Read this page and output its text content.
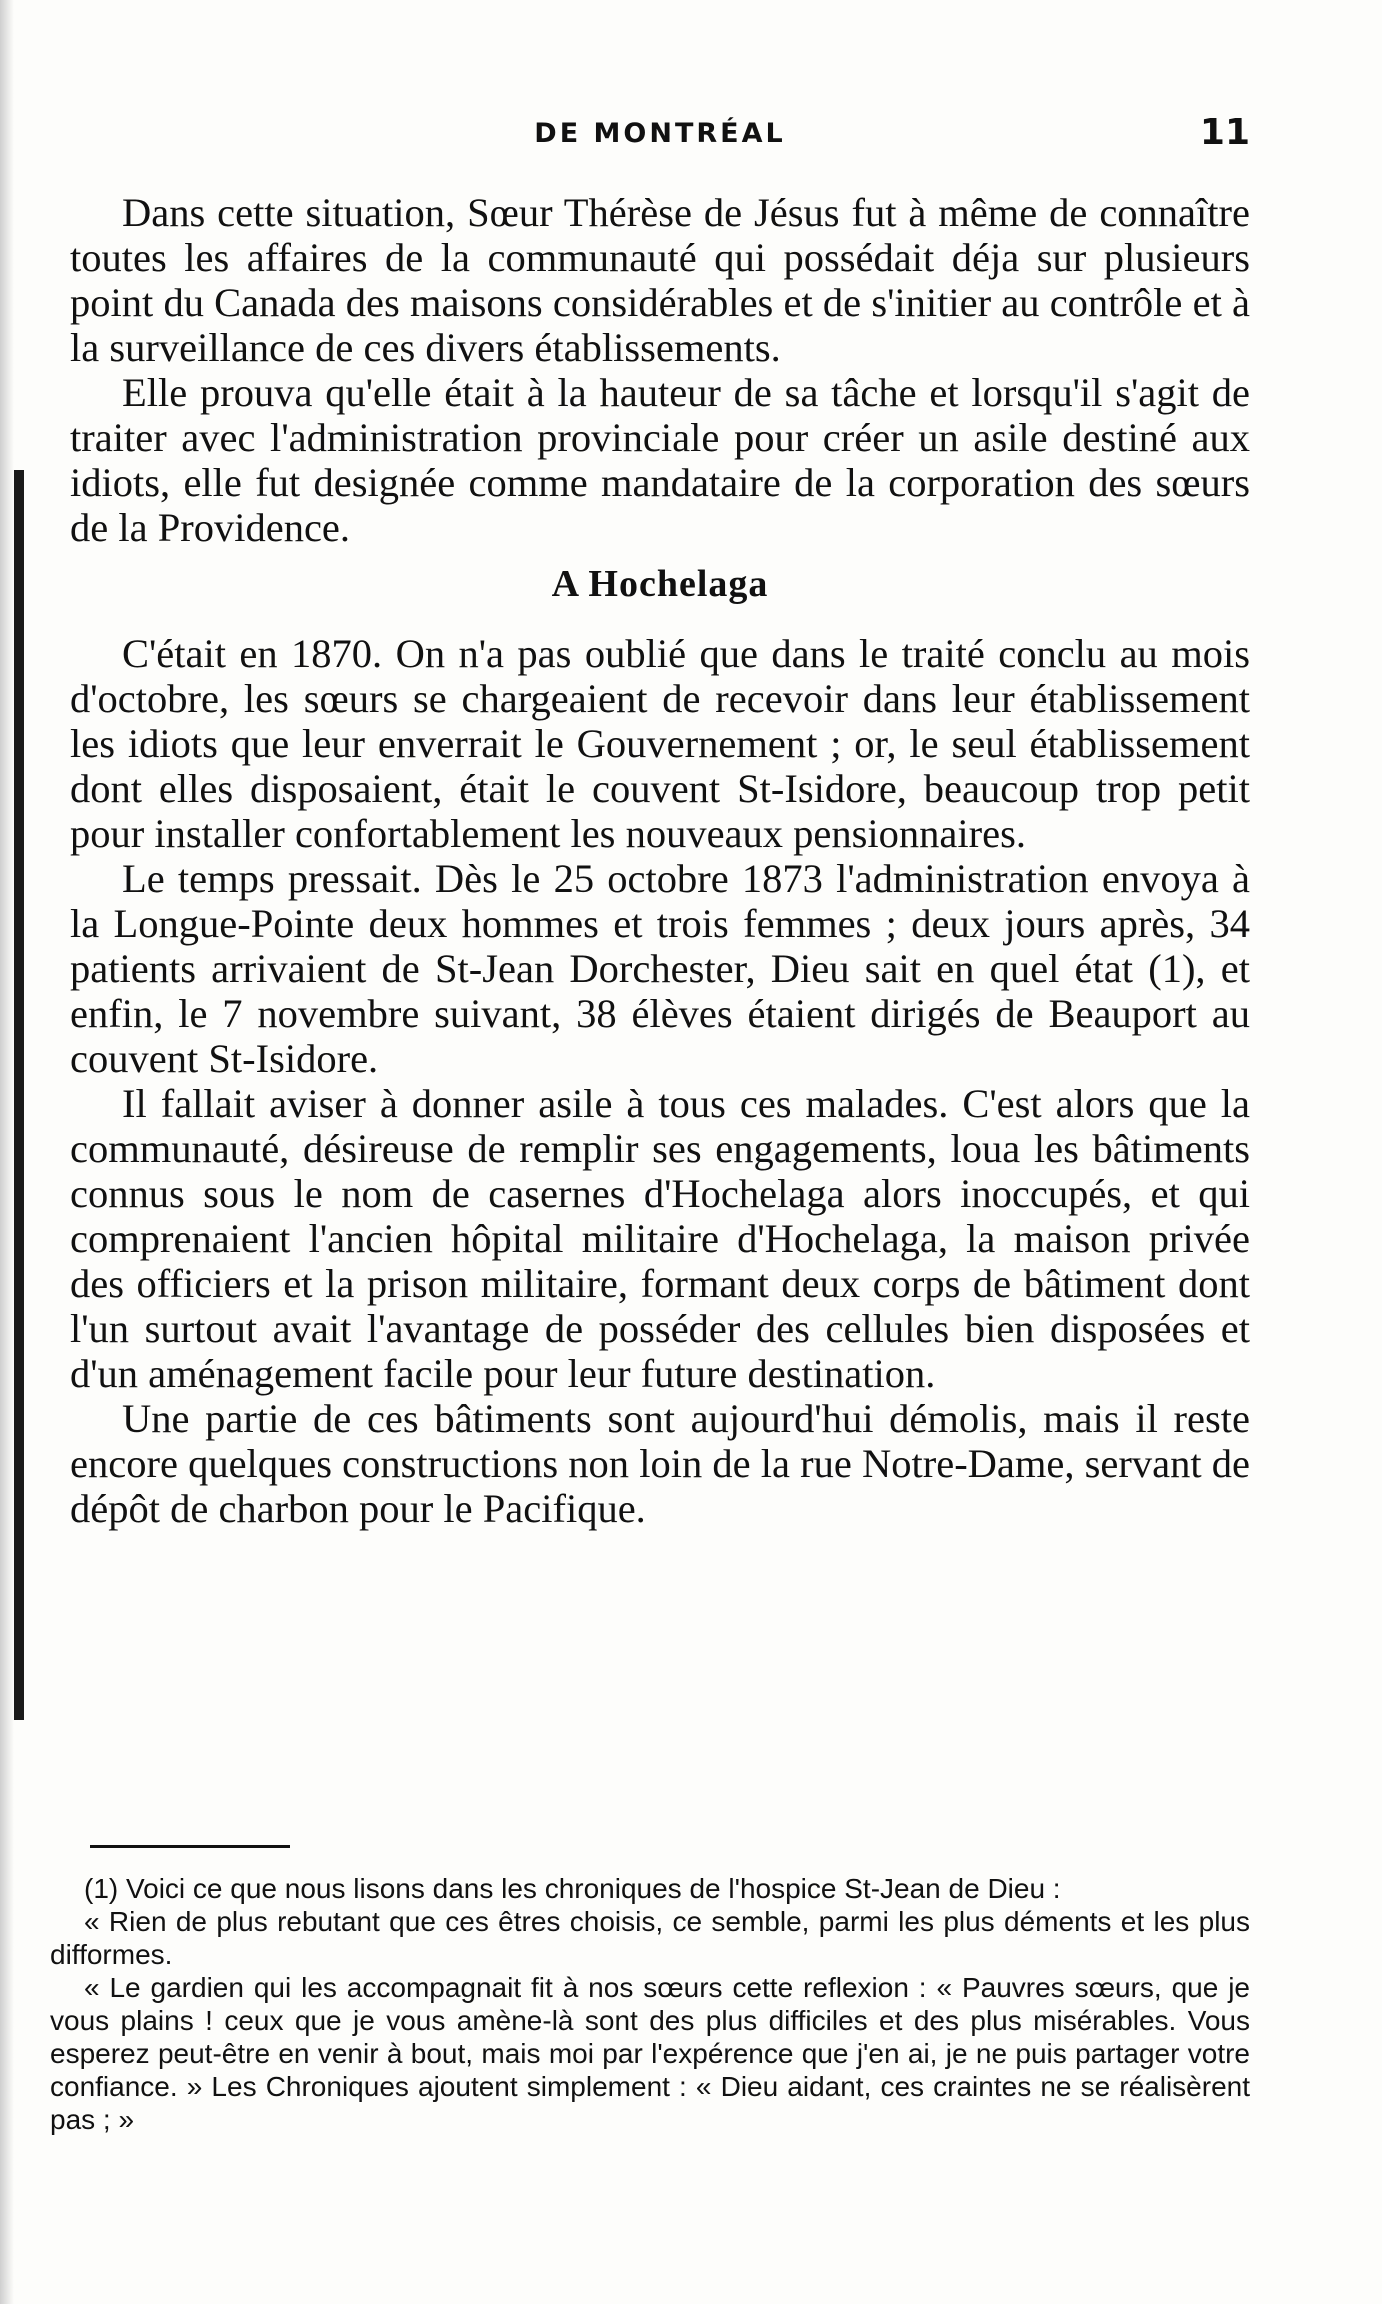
DE MONTRÉAL	11

Dans cette situation, Sœur Thérèse de Jésus fut à même de connaître toutes les affaires de la communauté qui possédait déja sur plusieurs point du Canada des maisons considérables et de s'initier au contrôle et à la surveillance de ces divers établissements.

Elle prouva qu'elle était à la hauteur de sa tâche et lorsqu'il s'agit de traiter avec l'administration provinciale pour créer un asile destiné aux idiots, elle fut designée comme mandataire de la corporation des sœurs de la Providence.

A Hochelaga

C'était en 1870. On n'a pas oublié que dans le traité conclu au mois d'octobre, les sœurs se chargeaient de recevoir dans leur établissement les idiots que leur enverrait le Gouvernement ; or, le seul établissement dont elles disposaient, était le couvent St-Isidore, beaucoup trop petit pour installer confortablement les nouveaux pensionnaires.

Le temps pressait. Dès le 25 octobre 1873 l'administration envoya à la Longue-Pointe deux hommes et trois femmes ; deux jours après, 34 patients arrivaient de St-Jean Dorchester, Dieu sait en quel état (1), et enfin, le 7 novembre suivant, 38 élèves étaient dirigés de Beauport au couvent St-Isidore.

Il fallait aviser à donner asile à tous ces malades. C'est alors que la communauté, désireuse de remplir ses engagements, loua les bâtiments connus sous le nom de casernes d'Hochelaga alors inoccupés, et qui comprenaient l'ancien hôpital militaire d'Hochelaga, la maison privée des officiers et la prison militaire, formant deux corps de bâtiment dont l'un surtout avait l'avantage de posséder des cellules bien disposées et d'un aménagement facile pour leur future destination.

Une partie de ces bâtiments sont aujourd'hui démolis, mais il reste encore quelques constructions non loin de la rue Notre-Dame, servant de dépôt de charbon pour le Pacifique.

(1) Voici ce que nous lisons dans les chroniques de l'hospice St-Jean de Dieu :

« Rien de plus rebutant que ces êtres choisis, ce semble, parmi les plus déments et les plus difformes.

« Le gardien qui les accompagnait fit à nos sœurs cette reflexion : « Pauvres sœurs, que je vous plains ! ceux que je vous amène-là sont des plus difficiles et des plus misérables. Vous esperez peut-être en venir à bout, mais moi par l'expérence que j'en ai, je ne puis partager votre confiance. » Les Chroniques ajoutent simplement : « Dieu aidant, ces craintes ne se réalisèrent pas ; »
